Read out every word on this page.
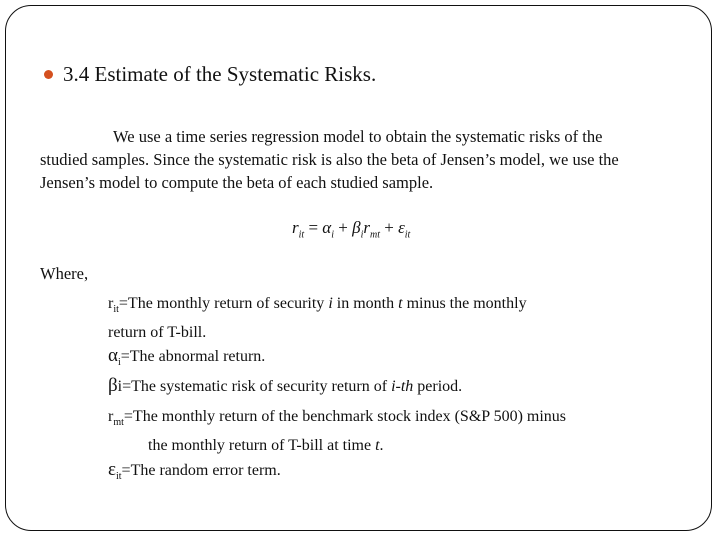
3.4 Estimate of the Systematic Risks.
We use a time series regression model to obtain the systematic risks of the
studied samples. Since the systematic risk is also the beta of Jensen’s model, we use the
Jensen’s model to compute the beta of each studied sample.
$r_{it} = \alpha_i + \beta_ir_{mt} + \varepsilon_{it}$
Where,
$r_{it}=The$ monthly return of security i in month t minus the monthly
return of T-bill.
$\alpha_i=The$ abnormal return.
βi=The systematic risk of security return of i-th period.
$r_{mt}=The$ monthly return of the benchmark stock index (S&P 500) minus
the monthly return of T-bill at time t.
$\varepsilon_{it}=The$ random error term.
